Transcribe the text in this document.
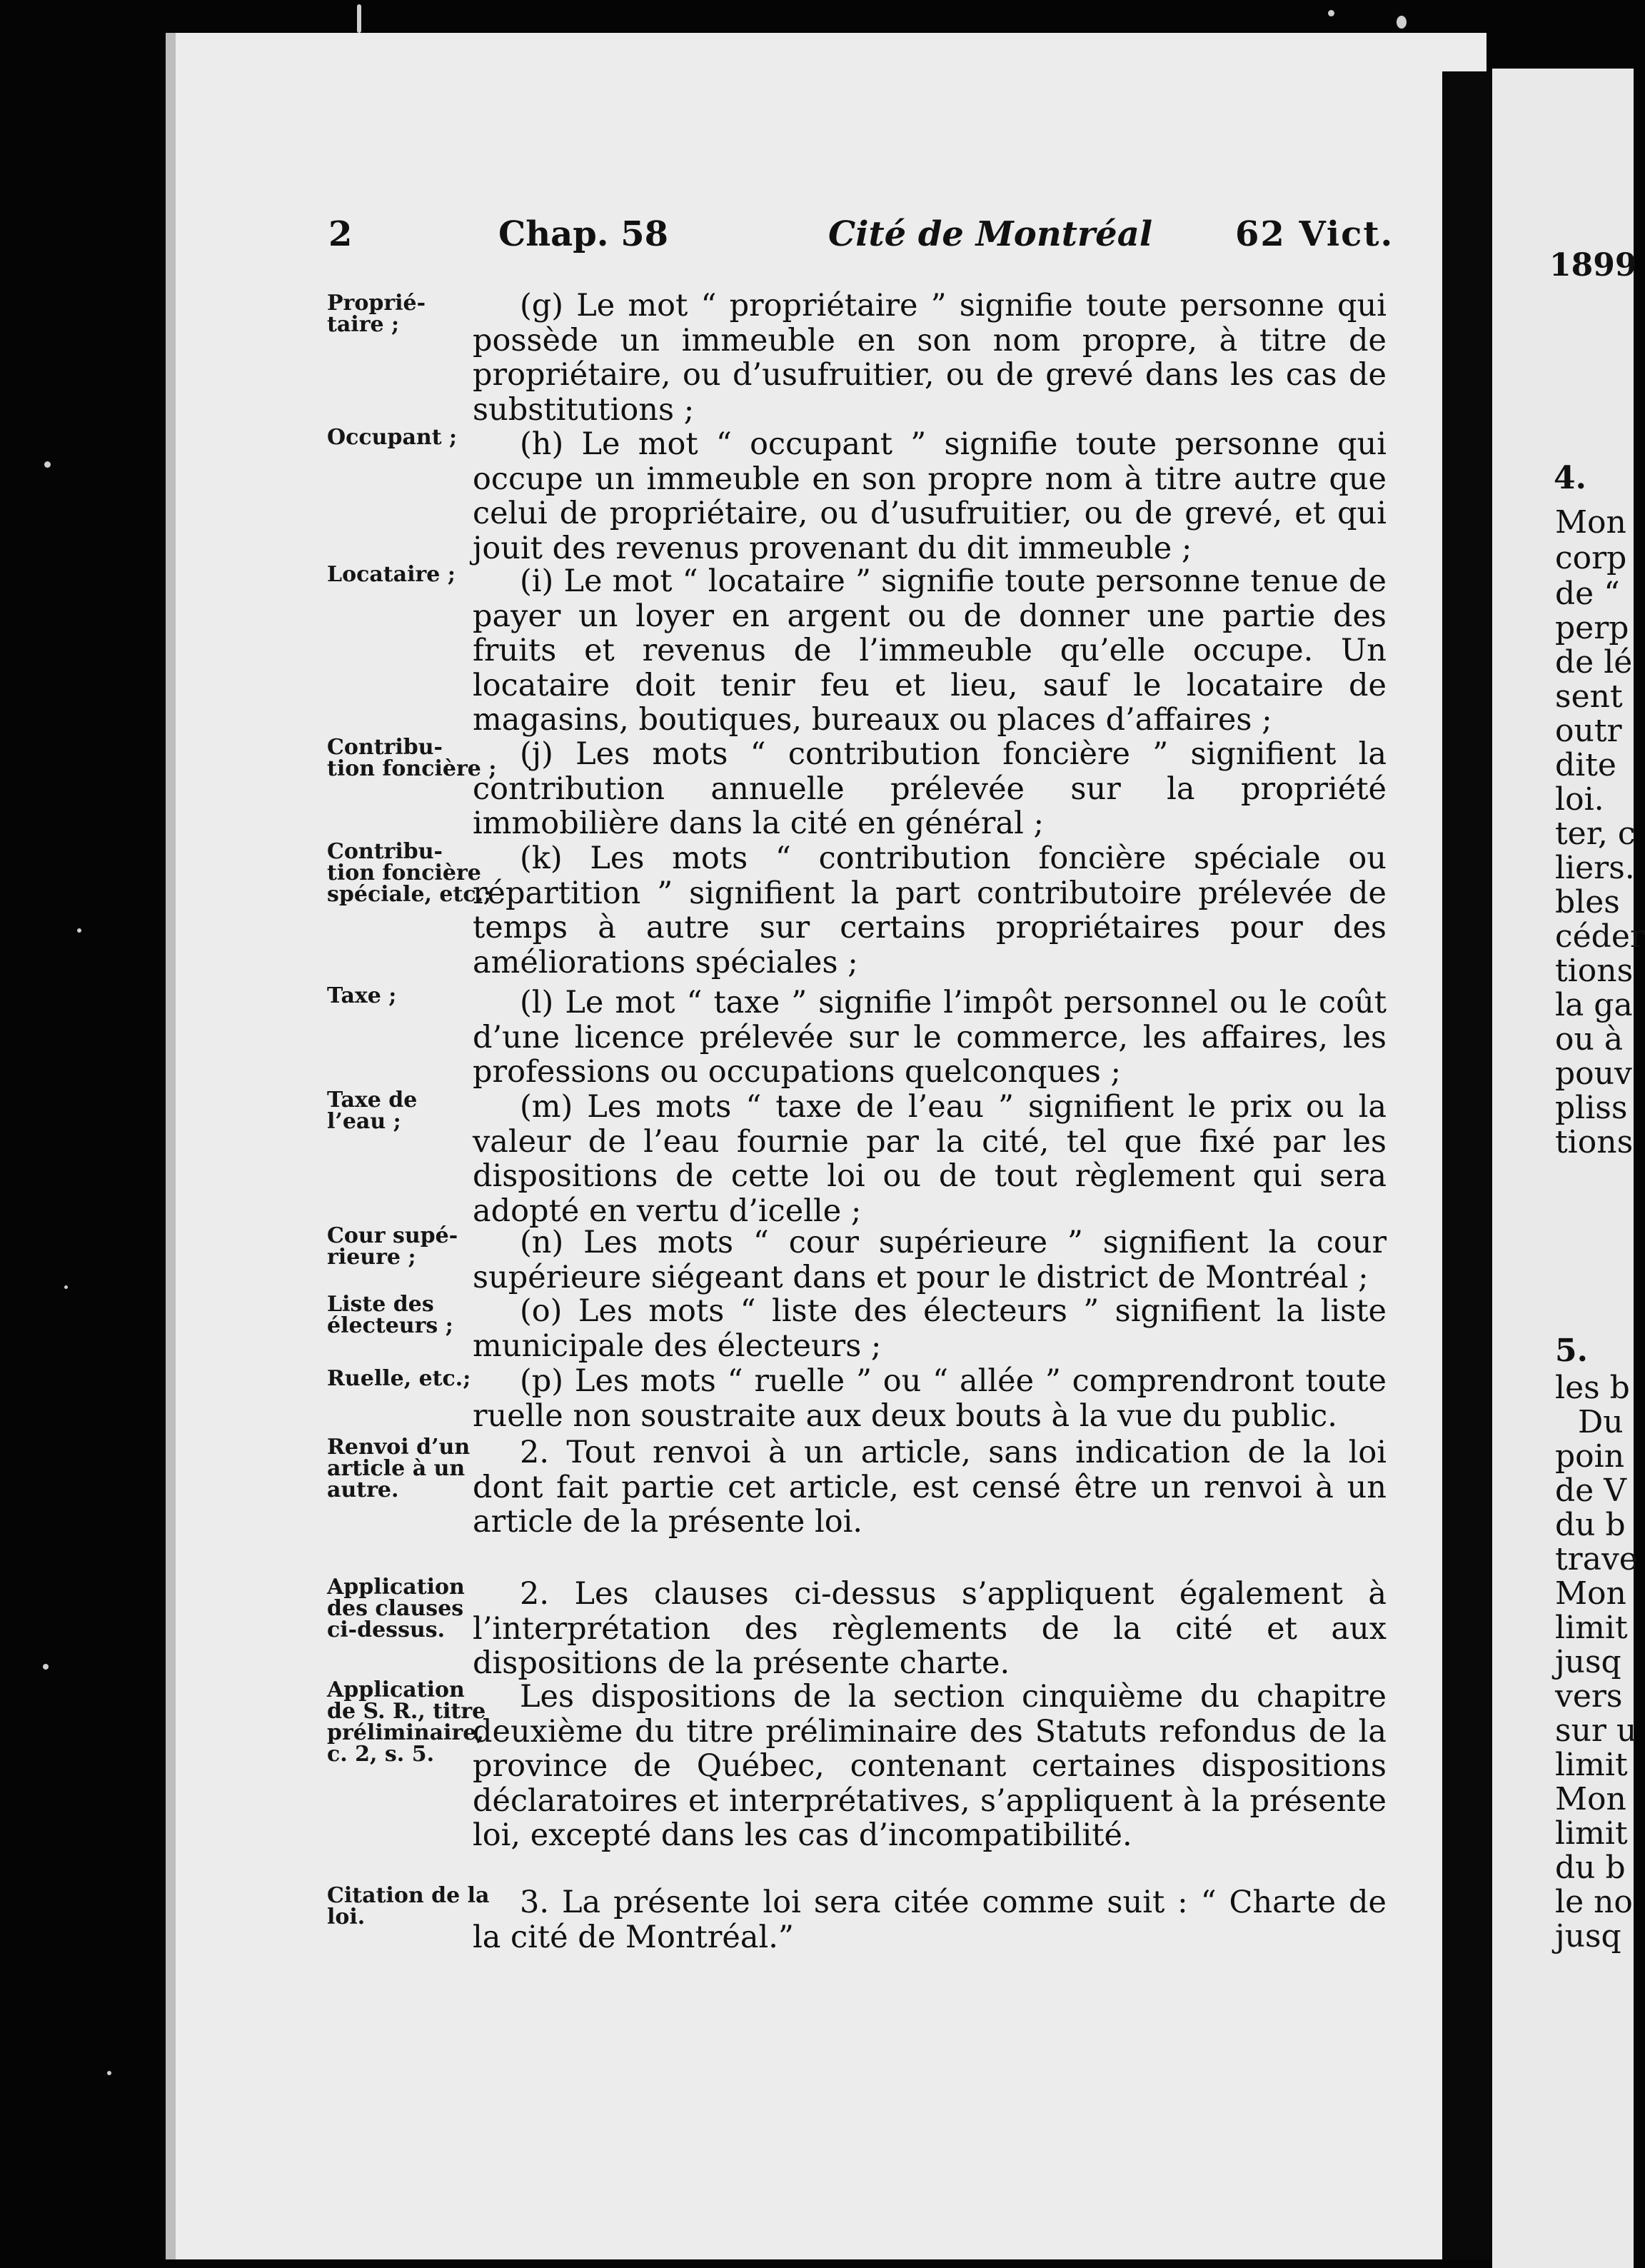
1899
4.
Mon
corp
de “
perp
de lé
sent
outr
dite
loi.
ter, c
liers.
bles
céder
tions
la ga
ou à
pouv
pliss
tions
5.
les b
Du
poin
de V
du b
trave
Mon
limit
jusq
vers
sur u
limit
Mon
limit
du b
le no
jusq
2	Chap. 58	Cité de Montréal 62 Vict.
Proprié-
taire ;
Occupant ;
Locataire ;
Contribu-
tion foncière ;
Contribu-
tion foncière
spéciale, etc.;
Taxe ;
Taxe de
l’eau ;
Cour supé-
rieure ;
Liste des
électeurs ;
Ruelle, etc.;
Renvoi d’un
article à un
autre.
Application
des clauses
ci-dessus.
Application
de S. R., titre
préliminaire,
c. 2, s. 5.
Citation de la
loi.
(g) Le mot “ propriétaire ” signifie toute personne qui possède un immeuble en son nom propre, à titre de propriétaire, ou d’usufruitier, ou de grevé dans les cas de substitutions ;
(h) Le mot “ occupant ” signifie toute personne qui occupe un immeuble en son propre nom à titre autre que celui de propriétaire, ou d’usufruitier, ou de grevé, et qui jouit des revenus provenant du dit immeuble ;
(i) Le mot “ locataire ” signifie toute personne tenue de payer un loyer en argent ou de donner une partie des fruits et revenus de l’immeuble qu’elle occupe. Un locataire doit tenir feu et lieu, sauf le locataire de magasins, boutiques, bureaux ou places d’affaires ;
(j) Les mots “ contribution foncière ” signifient la contribution annuelle prélevée sur la propriété immobilière dans la cité en général ;
(k) Les mots “ contribution foncière spéciale ou répartition ” signifient la part contributoire prélevée de temps à autre sur certains propriétaires pour des améliorations spéciales ;
(l) Le mot “ taxe ” signifie l’impôt personnel ou le coût d’une licence prélevée sur le commerce, les affaires, les professions ou occupations quelconques ;
(m) Les mots “ taxe de l’eau ” signifient le prix ou la valeur de l’eau fournie par la cité, tel que fixé par les dispositions de cette loi ou de tout règlement qui sera adopté en vertu d’icelle ;
(n) Les mots “ cour supérieure ” signifient la cour supérieure siégeant dans et pour le district de Montréal ;
(o) Les mots “ liste des électeurs ” signifient la liste municipale des électeurs ;
(p) Les mots “ ruelle ” ou “ allée ” comprendront toute ruelle non soustraite aux deux bouts à la vue du public.
2. Tout renvoi à un article, sans indication de la loi dont fait partie cet article, est censé être un renvoi à un article de la présente loi.
2. Les clauses ci-dessus s’appliquent également à l’interprétation des règlements de la cité et aux dispositions de la présente charte.
Les dispositions de la section cinquième du chapitre deuxième du titre préliminaire des Statuts refondus de la province de Québec, contenant certaines dispositions déclaratoires et interprétatives, s’appliquent à la présente loi, excepté dans les cas d’incompatibilité.
3. La présente loi sera citée comme suit : “ Charte de la cité de Montréal.”
